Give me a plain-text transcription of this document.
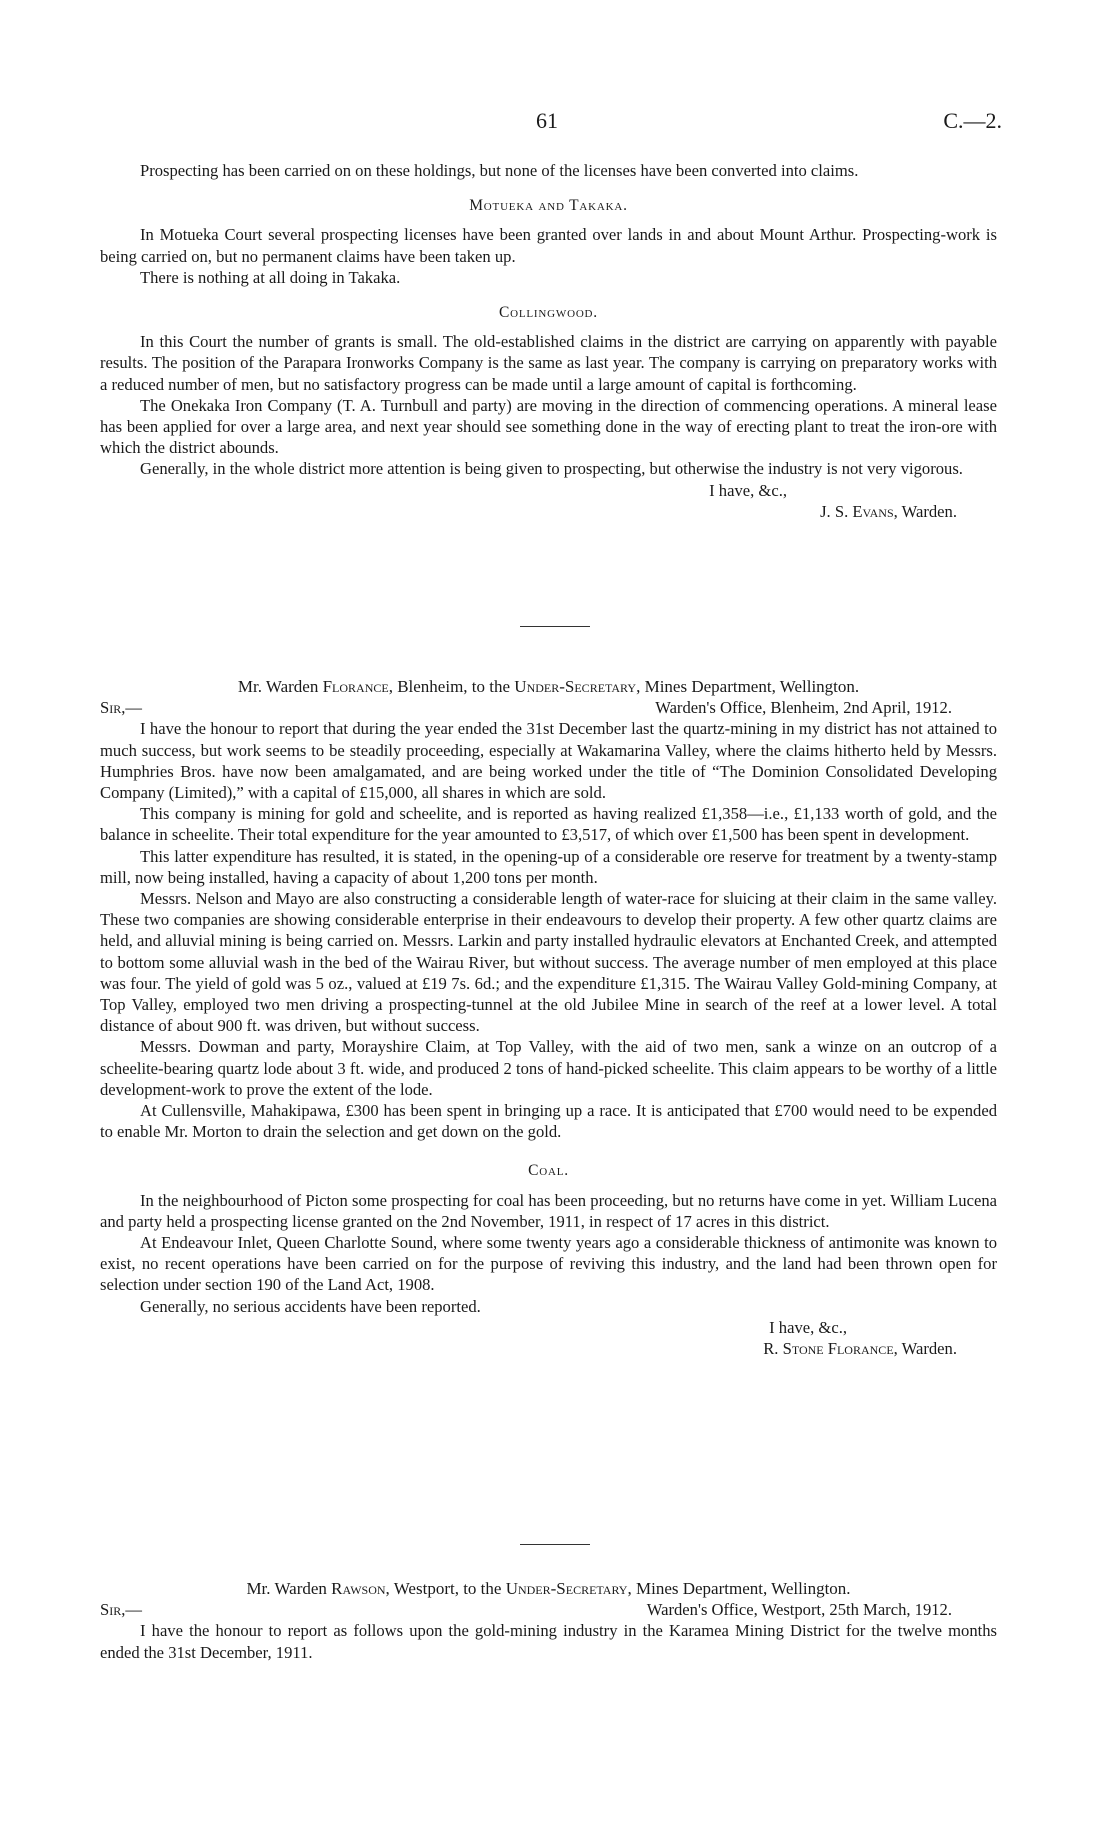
61	C.—2.

Prospecting has been carried on on these holdings, but none of the licenses have been converted into claims.

Motueka and Takaka.

In Motueka Court several prospecting licenses have been granted over lands in and about Mount Arthur. Prospecting-work is being carried on, but no permanent claims have been taken up.

There is nothing at all doing in Takaka.

Collingwood.

In this Court the number of grants is small. The old-established claims in the district are carrying on apparently with payable results. The position of the Parapara Ironworks Company is the same as last year. The company is carrying on preparatory works with a reduced number of men, but no satisfactory progress can be made until a large amount of capital is forthcoming.

The Onekaka Iron Company (T. A. Turnbull and party) are moving in the direction of commencing operations. A mineral lease has been applied for over a large area, and next year should see something done in the way of erecting plant to treat the iron-ore with which the district abounds.

Generally, in the whole district more attention is being given to prospecting, but otherwise the industry is not very vigorous.

I have, &c.,
J. S. Evans, Warden.
Mr. Warden Florance, Blenheim, to the Under-Secretary, Mines Department, Wellington.
Sir,—	Warden's Office, Blenheim, 2nd April, 1912.

I have the honour to report that during the year ended the 31st December last the quartz-mining in my district has not attained to much success, but work seems to be steadily proceeding, especially at Wakamarina Valley, where the claims hitherto held by Messrs. Humphries Bros. have now been amalgamated, and are being worked under the title of “The Dominion Consolidated Developing Company (Limited),” with a capital of £15,000, all shares in which are sold.

This company is mining for gold and scheelite, and is reported as having realized £1,358—i.e., £1,133 worth of gold, and the balance in scheelite. Their total expenditure for the year amounted to £3,517, of which over £1,500 has been spent in development.

This latter expenditure has resulted, it is stated, in the opening-up of a considerable ore reserve for treatment by a twenty-stamp mill, now being installed, having a capacity of about 1,200 tons per month.

Messrs. Nelson and Mayo are also constructing a considerable length of water-race for sluicing at their claim in the same valley. These two companies are showing considerable enterprise in their endeavours to develop their property. A few other quartz claims are held, and alluvial mining is being carried on. Messrs. Larkin and party installed hydraulic elevators at Enchanted Creek, and attempted to bottom some alluvial wash in the bed of the Wairau River, but without success. The average number of men employed at this place was four. The yield of gold was 5 oz., valued at £19 7s. 6d.; and the expenditure £1,315. The Wairau Valley Gold-mining Company, at Top Valley, employed two men driving a prospecting-tunnel at the old Jubilee Mine in search of the reef at a lower level. A total distance of about 900 ft. was driven, but without success.

Messrs. Dowman and party, Morayshire Claim, at Top Valley, with the aid of two men, sank a winze on an outcrop of a scheelite-bearing quartz lode about 3 ft. wide, and produced 2 tons of hand-picked scheelite. This claim appears to be worthy of a little development-work to prove the extent of the lode.

At Cullensville, Mahakipawa, £300 has been spent in bringing up a race. It is anticipated that £700 would need to be expended to enable Mr. Morton to drain the selection and get down on the gold.

Coal.

In the neighbourhood of Picton some prospecting for coal has been proceeding, but no returns have come in yet. William Lucena and party held a prospecting license granted on the 2nd November, 1911, in respect of 17 acres in this district.

At Endeavour Inlet, Queen Charlotte Sound, where some twenty years ago a considerable thickness of antimonite was known to exist, no recent operations have been carried on for the purpose of reviving this industry, and the land had been thrown open for selection under section 190 of the Land Act, 1908.

Generally, no serious accidents have been reported.

I have, &c.,
R. Stone Florance, Warden.
Mr. Warden Rawson, Westport, to the Under-Secretary, Mines Department, Wellington.
Sir,—	Warden's Office, Westport, 25th March, 1912.

I have the honour to report as follows upon the gold-mining industry in the Karamea Mining District for the twelve months ended the 31st December, 1911.
